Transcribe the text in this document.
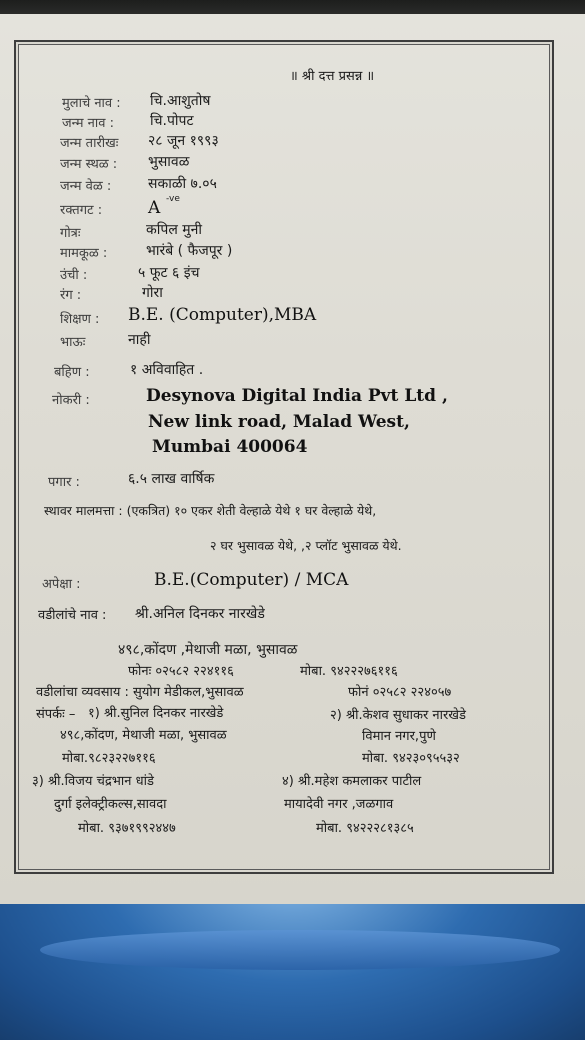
॥ श्री दत्त प्रसन्न ॥
मुलाचे नाव : चि.आशुतोष
जन्म नाव :	चि.पोपट
जन्म तारीखः २८ जून १९९३
जन्म स्थळ : भुसावळ
जन्म वेळ :	सकाळी ७.०५
रक्तगट :	A -ve
गोत्रः	कपिल मुनी
मामकूळ :	भारंबे ( फैजपूर )
उंची :	५ फूट ६ इंच
रंग :	गोरा
शिक्षण : B.E. (Computer),MBA
भाऊः	नाही
बहिण :	१ अविवाहित .
नोकरी :	Desynova Digital India Pvt Ltd ,
New link road, Malad West,
Mumbai 400064
पगार :	६.५ लाख वार्षिक
स्थावर मालमत्ता : (एकत्रित) १० एकर शेती वेल्हाळे येथे १ घर वेल्हाळे येथे,
२ घर भुसावळ येथे, ,२ प्लॉट भुसावळ येथे.
अपेक्षा :	B.E.(Computer) / MCA
वडीलांचे नाव : श्री.अनिल दिनकर नारखेडे
४९८,कोंदण ,मेथाजी मळा, भुसावळ
फोनः ०२५८२ २२४११६	मोबा. ९४२२२७६११६
वडीलांचा व्यवसाय : सुयोग मेडीकल,भुसावळ	फोनं ०२५८२ २२४०५७
संपर्कः – १) श्री.सुनिल दिनकर नारखेडे	२) श्री.केशव सुधाकर नारखेडे
४९८,कोंदण, मेथाजी मळा, भुसावळ	विमान नगर,पुणे
मोबा.९८२३२२७११६	मोबा. ९४२३०९५५३२
३) श्री.विजय चंद्रभान धांडे	४) श्री.महेश कमलाकर पाटील
दुर्गा इलेक्ट्रीकल्स,सावदा	मायादेवी नगर ,जळगाव
मोबा. ९३७१९९२४४७	मोबा. ९४२२२८१३८५
